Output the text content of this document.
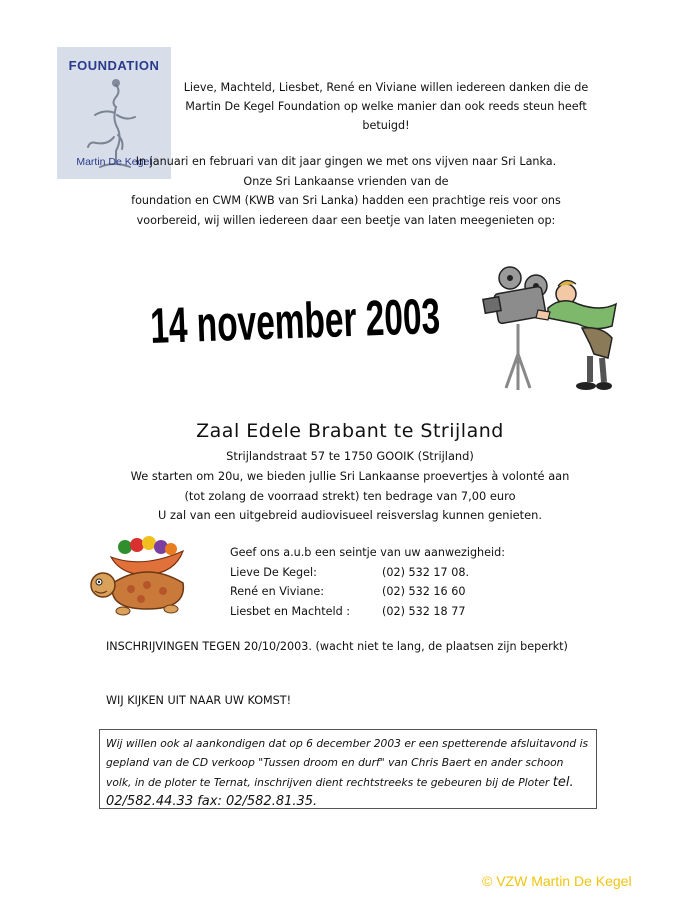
FOUNDATION
Martin De Kegel
Lieve, Machteld, Liesbet, René en Viviane willen iedereen danken die de Martin De Kegel Foundation op welke manier dan ook reeds steun heeft betuigd!

In januari en februari van dit jaar gingen we met ons vijven naar Sri Lanka.

Onze Sri Lankaanse vrienden van de

foundation en CWM (KWB van Sri Lanka) hadden een prachtige reis voor ons voorbereid, wij willen iedereen daar een beetje van laten meegenieten op:

14 november 2003
Zaal Edele Brabant te Strijland

Strijlandstraat 57 te 1750 GOOIK (Strijland)

We starten om 20u, we bieden jullie Sri Lankaanse proevertjes à volonté aan

(tot zolang de voorraad strekt) ten bedrage van 7,00 euro

U zal van een uitgebreid audiovisueel reisverslag kunnen genieten.

Geef ons a.u.b een seintje van uw aanwezigheid:
Lieve De Kegel:	(02) 532 17 08.
René en Viviane:	(02) 532 16 60
Liesbet en Machteld :	(02) 532 18 77
INSCHRIJVINGEN TEGEN 20/10/2003. (wacht niet te lang, de plaatsen zijn beperkt)
WIJ KIJKEN UIT NAAR UW KOMST!
Wij willen ook al aankondigen dat op 6 december 2003 er een spetterende afsluitavond is gepland van de CD verkoop "Tussen droom en durf" van Chris Baert en ander schoon volk, in de ploter te Ternat, inschrijven dient rechtstreeks te gebeuren bij de Ploter tel. 02/582.44.33 fax: 02/582.81.35.
© VZW Martin De Kegel
